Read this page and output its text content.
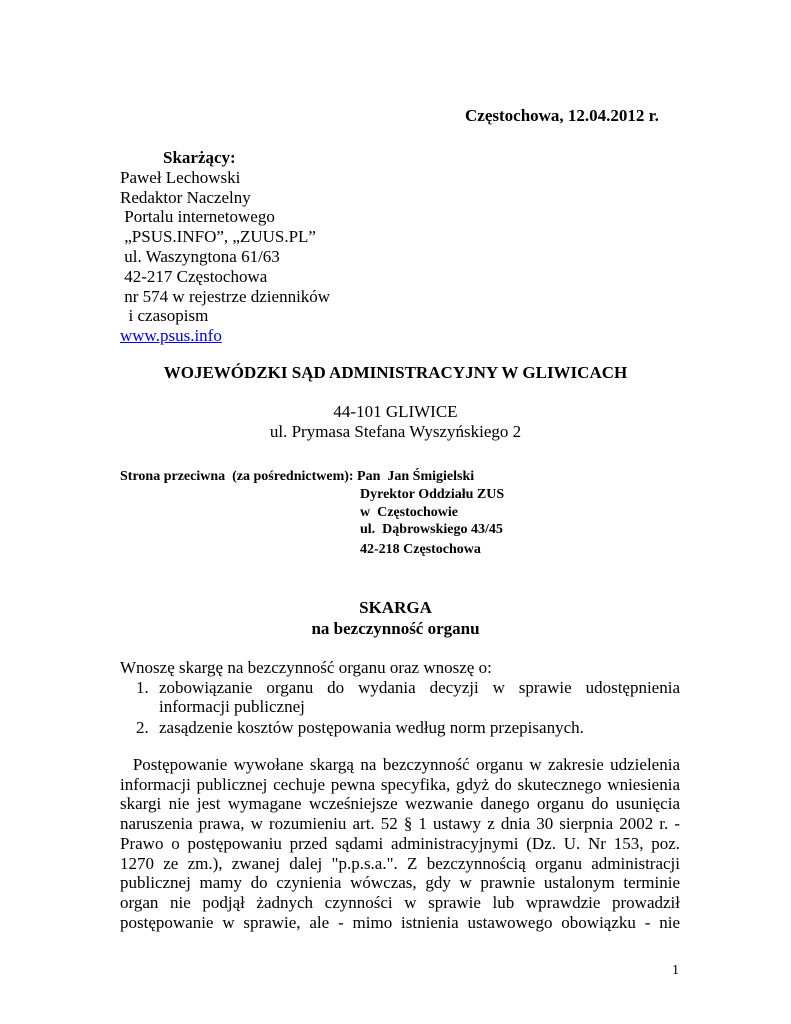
Częstochowa, 12.04.2012 r.
Skarżący:
Paweł Lechowski
Redaktor Naczelny
Portalu internetowego
„PSUS.INFO”, „ZUUS.PL”
ul. Waszyngtona 61/63
42-217 Częstochowa
nr 574 w rejestrze dzienników
i czasopism
www.psus.info
WOJEWÓDZKI SĄD ADMINISTRACYJNY W GLIWICACH
44-101 GLIWICE
ul. Prymasa Stefana Wyszyńskiego 2
Strona przeciwna  (za pośrednictwem): Pan  Jan Śmigielski
Dyrektor Oddziału ZUS
w  Częstochowie
ul.  Dąbrowskiego 43/45
42-218 Częstochowa
SKARGA
na bezczynność organu
Wnoszę skargę na bezczynność organu oraz wnoszę o:
1. zobowiązanie organu do wydania decyzji w sprawie udostępnienia informacji publicznej
2. zasądzenie kosztów postępowania według norm przepisanych.
Postępowanie wywołane skargą na bezczynność organu w zakresie udzielenia informacji publicznej cechuje pewna specyfika, gdyż do skutecznego wniesienia skargi nie jest wymagane wcześniejsze wezwanie danego organu do usunięcia naruszenia prawa, w rozumieniu art. 52 § 1 ustawy z dnia 30 sierpnia 2002 r. - Prawo o postępowaniu przed sądami administracyjnymi (Dz. U. Nr 153, poz. 1270 ze zm.), zwanej dalej "p.p.s.a.". Z bezczynnością organu administracji publicznej mamy do czynienia wówczas, gdy w prawnie ustalonym terminie organ nie podjął żadnych czynności w sprawie lub wprawdzie prowadził postępowanie w sprawie, ale - mimo istnienia ustawowego obowiązku - nie
1
